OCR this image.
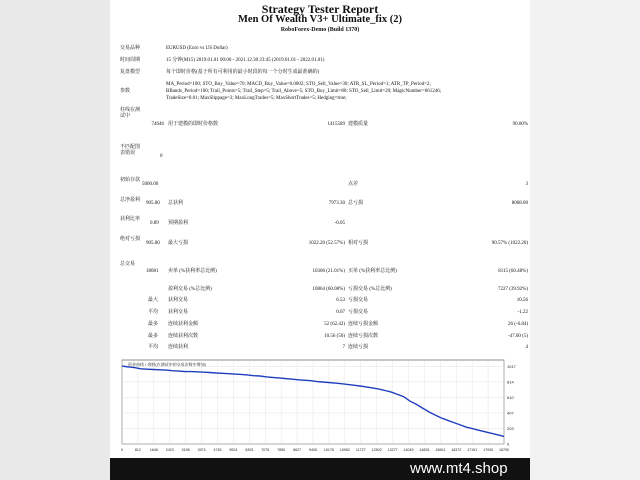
Strategy Tester Report
Men Of Wealth V3+ Ultimate_fix (2)
RoboForex-Demo (Build 1370)
交易品种	EURUSD (Euro vs US Dollar)
时间周期	15 分钟(M15) 2019.01.01 00:00 - 2021.12.30 23:45 (2019.01.01 - 2022.01.01)
复盘模型	每个即时价格(基于所有可利用的最小时段的每一个分时生成最准确的)
参数
MA_Period=100; STO_Buy_Value=70; MACD_Buy_Value=0.0002; STO_Sell_Value=30; ATR_SL_Period=1; ATR_TP_Period=2;
BBands_Period=100; Trail_Points=5; Trail_Step=5; Trail_Above=5; STO_Buy_Limit=80; STO_Sell_Limit=20; MagicNumber=661246;
TradeSize=0.01; MaxSlippage=3; MaxLongTrades=5; MaxShortTrades=5; Hedging=true;
柱线在测试中
74646 用于建模的即时价格数	1415589 建模质量	90.00%
不匹配图表错误
0
初始存款
5000.00	点差	3
总净盈利
905.00 总获利	7973.30 总亏损	8068.00
获利比率
0.89 预期盈利	-0.05
绝对亏损
905.00 最大亏损	1022.20 (52.57%) 相对亏损	90.57% (1022.20)
总交易
18081 卖单 (%获利率总比例)	10306 (21.01%) 买单 (%获利率总比例)	8115 (60.48%)
盈利交易 (%总比例)	10864 (60.08%) 亏损交易 (%总比例)	7227 (39.92%)
最大 获利交易	6.53 亏损交易	10.56
平均 获利交易	0.07 亏损交易	-1.22
最多 连续获利金额	52 (62.42) 连续亏损金额	26 (-6.84)
最多 连续获利次数	10.56 (50) 连续亏损次数	-47.00 (5)
平均 连续获利	7 连续亏损	4
资金曲线 / 余额(在测试中的交易次数中增加)	1017
814
610
407
203
0
0	812 1646 2423 3198 3974 4745 5524 6303 7075 7850 8627 9405 10176 10952 11727 12502 13277 14049 14826 15601 16372 17151 17930 18700
www.mt4.shop
